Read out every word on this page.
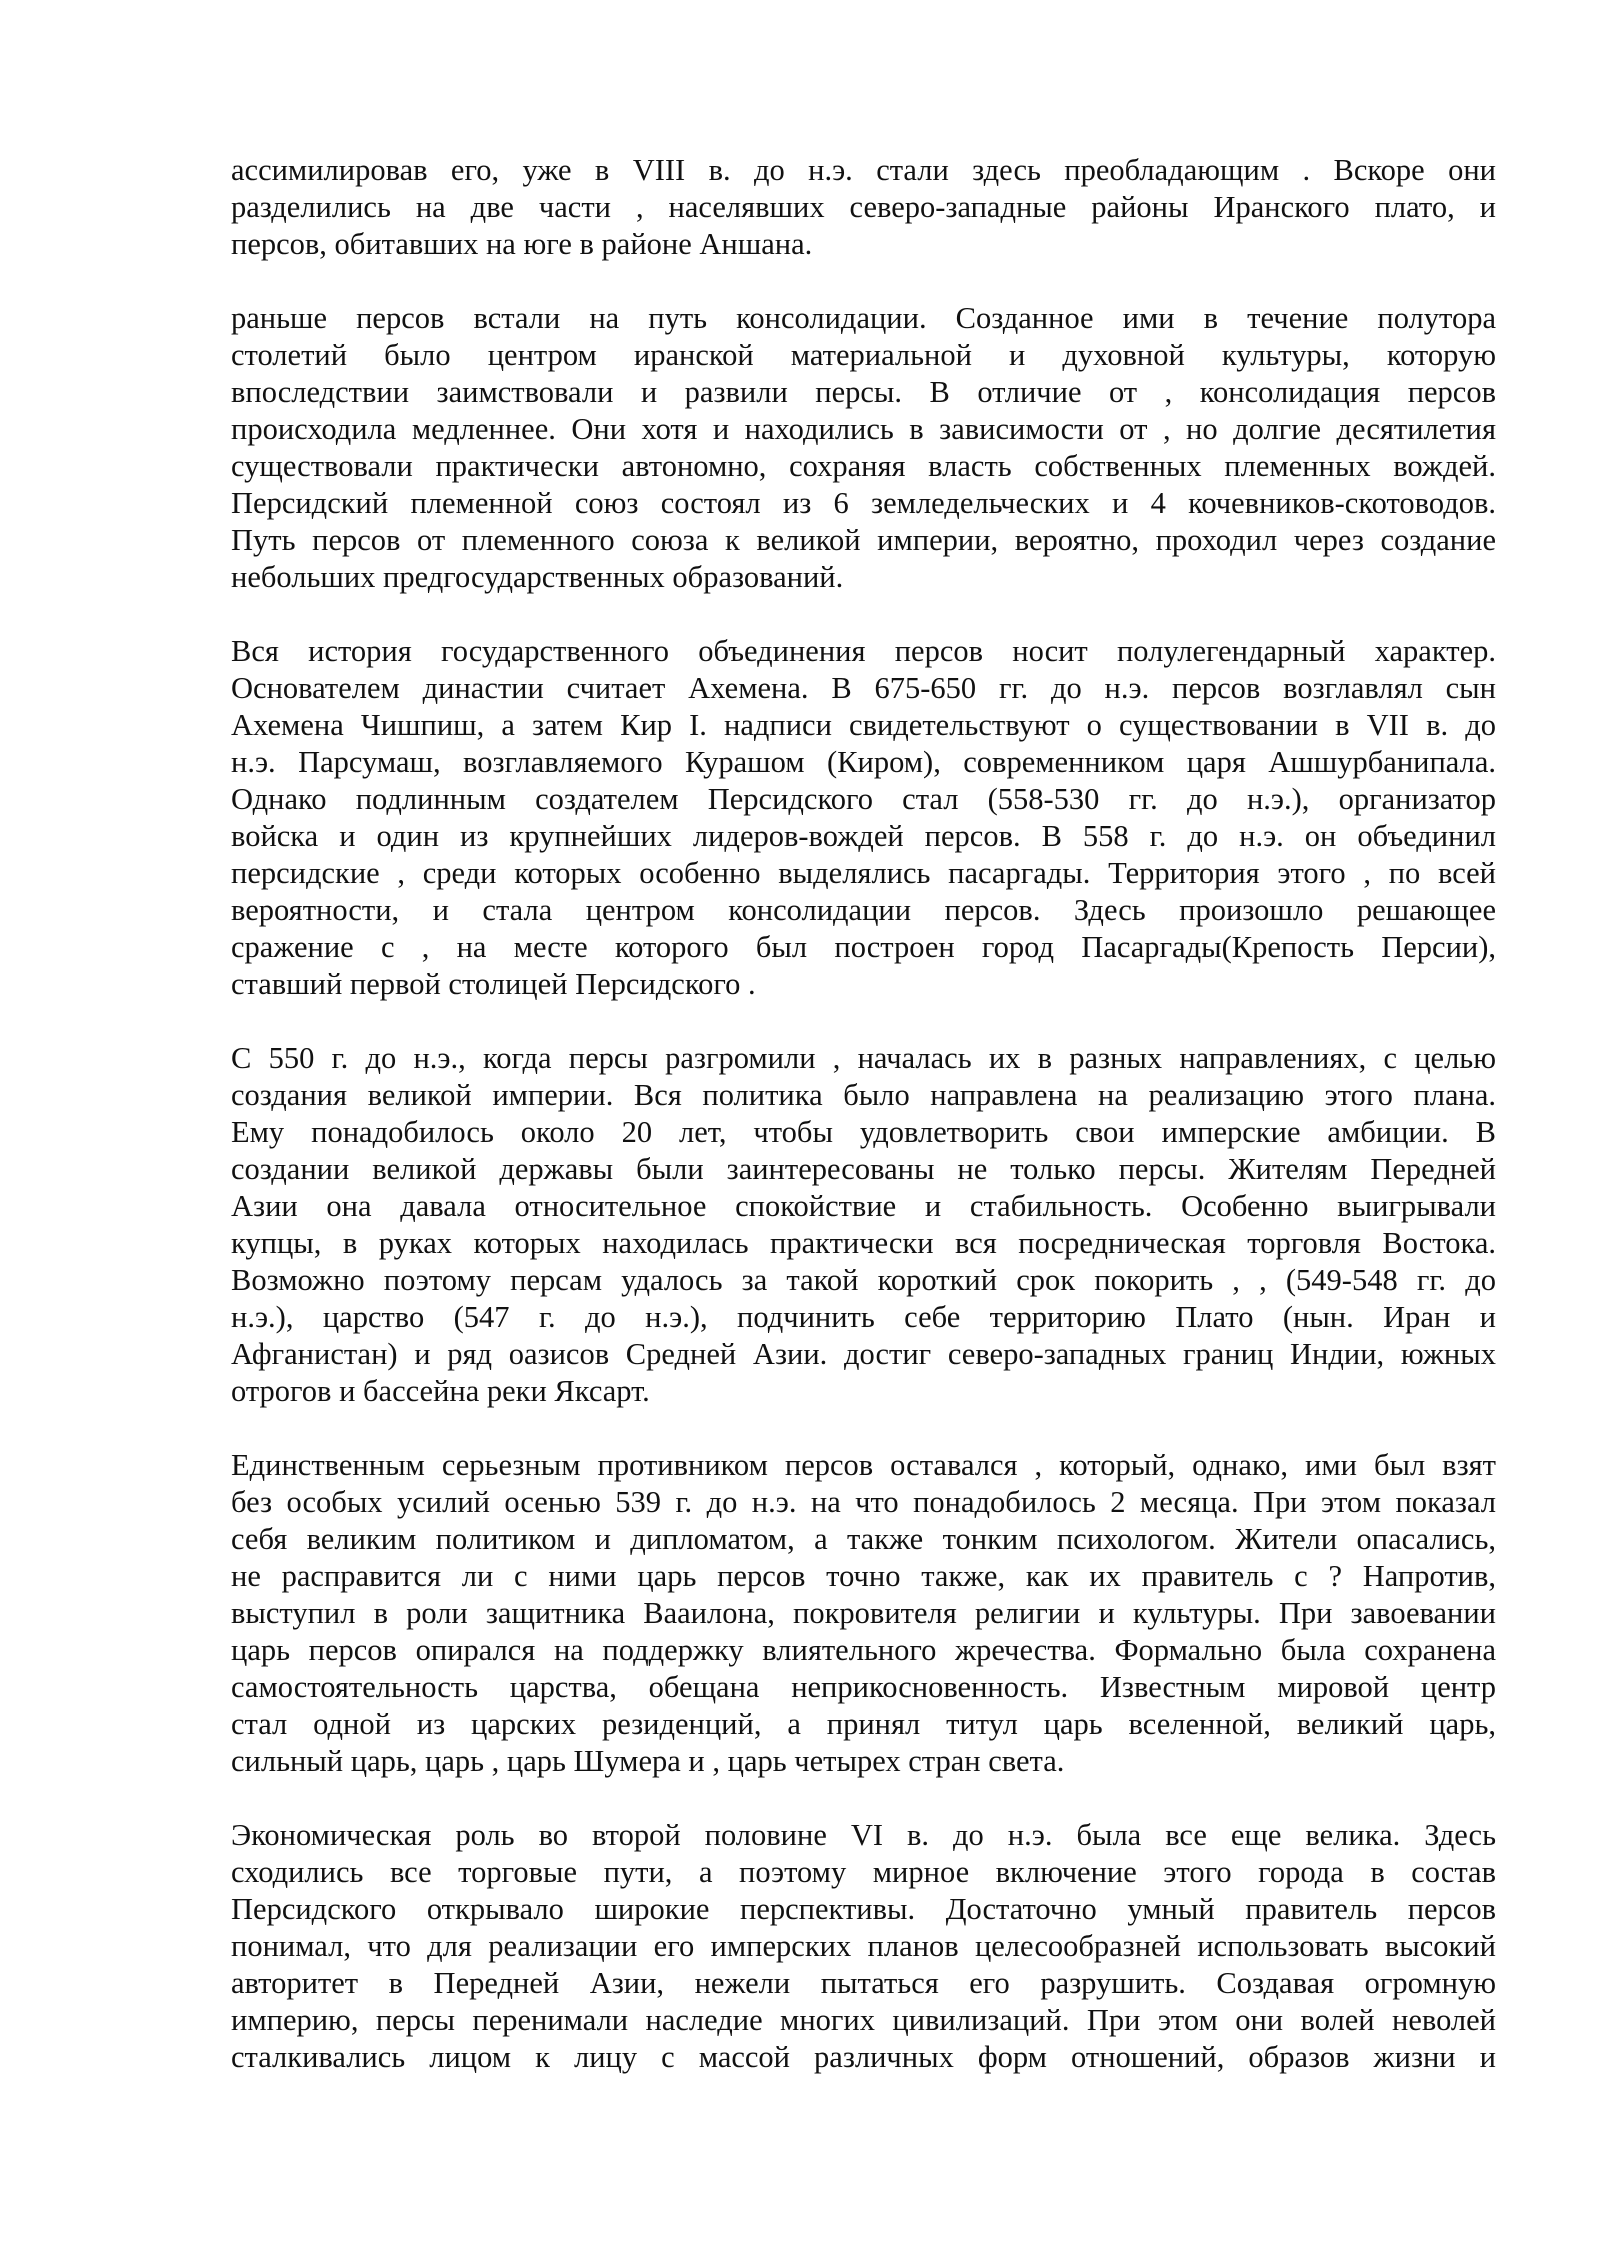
ассимилировав его, уже в VIII в. до н.э. стали здесь преобладающим . Вскоре они
разделились на две части , населявших северо-западные районы Иранского плато, и
персов, обитавших на юге в районе Аншана.
раньше персов встали на путь консолидации. Созданное ими в течение полутора
столетий было центром иранской материальной и духовной культуры, которую
впоследствии заимствовали и развили персы. В отличие от , консолидация персов
происходила медленнее. Они хотя и находились в зависимости от , но долгие десятилетия
существовали практически автономно, сохраняя власть собственных племенных вождей.
Персидский племенной союз состоял из 6 земледельческих и 4 кочевников-скотоводов.
Путь персов от племенного союза к великой империи, вероятно, проходил через создание
небольших предгосударственных образований.
Вся история государственного объединения персов носит полулегендарный характер.
Основателем династии считает Ахемена. В 675-650 гг. до н.э. персов возглавлял сын
Ахемена Чишпиш, а затем Кир I. надписи свидетельствуют о существовании в VII в. до
н.э. Парсумаш, возглавляемого Курашом (Киром), современником царя Ашшурбанипала.
Однако подлинным создателем Персидского стал (558-530 гг. до н.э.), организатор
войска и один из крупнейших лидеров-вождей персов. В 558 г. до н.э. он объединил
персидские , среди которых особенно выделялись пасаргады. Территория этого , по всей
вероятности, и стала центром консолидации персов. Здесь произошло решающее
сражение с , на месте которого был построен город Пасаргады(Крепость Персии),
ставший первой столицей Персидского .
С 550 г. до н.э., когда персы разгромили , началась их в разных направлениях, с целью
создания великой империи. Вся политика было направлена на реализацию этого плана.
Ему понадобилось около 20 лет, чтобы удовлетворить свои имперские амбиции. В
создании великой державы были заинтересованы не только персы. Жителям Передней
Азии она давала относительное спокойствие и стабильность. Особенно выигрывали
купцы, в руках которых находилась практически вся посредническая торговля Востока.
Возможно поэтому персам удалось за такой короткий срок покорить , , (549-548 гг. до
н.э.), царство (547 г. до н.э.), подчинить себе территорию Плато (нын. Иран и
Афганистан) и ряд оазисов Средней Азии. достиг северо-западных границ Индии, южных
отрогов и бассейна реки Яксарт.
Единственным серьезным противником персов оставался , который, однако, ими был взят
без особых усилий осенью 539 г. до н.э. на что понадобилось 2 месяца. При этом показал
себя великим политиком и дипломатом, а также тонким психологом. Жители опасались,
не расправится ли с ними царь персов точно также, как их правитель с ? Напротив,
выступил в роли защитника Вааилона, покровителя религии и культуры. При завоевании
царь персов опирался на поддержку влиятельного жречества. Формально была сохранена
самостоятельность царства, обещана неприкосновенность. Известным мировой центр
стал одной из царских резиденций, а принял титул царь вселенной, великий царь,
сильный царь, царь , царь Шумера и , царь четырех стран света.
Экономическая роль во второй половине VI в. до н.э. была все еще велика. Здесь
сходились все торговые пути, а поэтому мирное включение этого города в состав
Персидского открывало широкие перспективы. Достаточно умный правитель персов
понимал, что для реализации его имперских планов целесообразней использовать высокий
авторитет в Передней Азии, нежели пытаться его разрушить. Создавая огромную
империю, персы перенимали наследие многих цивилизаций. При этом они волей неволей
сталкивались лицом к лицу с массой различных форм отношений, образов жизни и
